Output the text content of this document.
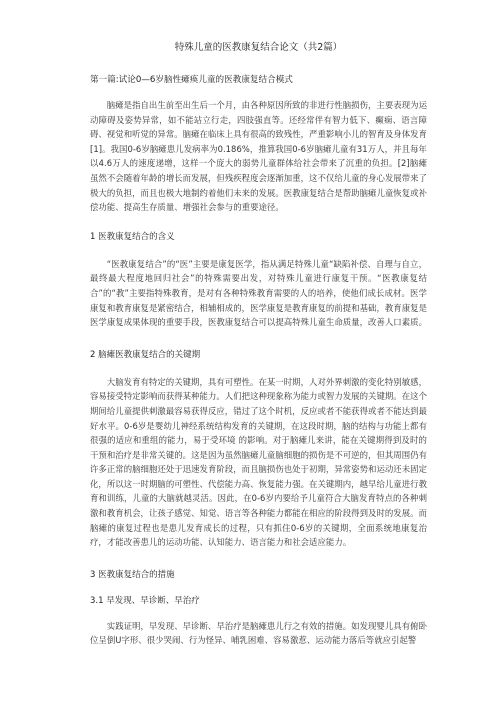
特殊儿童的医教康复结合论文（共2篇）

第一篇:试论0—6岁脑性瘫痪儿童的医教康复结合模式

脑瘫是指自出生前至出生后一个月，由各种原因所致的非进行性脑损伤，主要表现为运动障碍及姿势异常，如不能站立行走，四肢强直等。还经常伴有智力低下、癫痫、语言障碍、视觉和听觉的异常。脑瘫在临床上具有很高的致残性，严重影响小儿的智育及身体发育[1]。我国0-6岁脑瘫患儿发病率为0.186%，推算我国0-6岁脑瘫儿童有31万人，并且每年以4.6万人的速度递增，这样一个庞大的弱势儿童群体给社会带来了沉重的负担。[2]脑瘫虽然不会随着年龄的增长而发展，但残疾程度会逐渐加重，这不仅给儿童的身心发展带来了极大的负担，而且也极大地制约着他们未来的发展。医教康复结合是帮助脑瘫儿童恢复或补偿功能、提高生存质量、增强社会参与的重要途径。

1 医教康复结合的含义

“医教康复结合”的“医”主要是康复医学，指从满足特殊儿童“缺陷补偿、自理与自立，最终最大程度地回归社会”的特殊需要出发，对特殊儿童进行康复干预。“医教康复结合”的“教”主要指特殊教育，是对有各种特殊教育需要的人的培养，使他们成长成材。医学康复和教育康复是紧密结合，相辅相成的，医学康复是教育康复的前提和基础，教育康复是医学康复成果体现的重要手段，医教康复结合可以提高特殊儿童生命质量，改善人口素质。

2 脑瘫医教康复结合的关键期

大脑发育有特定的关键期，具有可塑性。在某一时期，人对外界刺激的变化特别敏感，容易接受特定影响而获得某种能力。人们把这种现象称为能力或智力发展的关键期。在这个期间给儿童提供刺激最容易获得反应，错过了这个时机，反应或者不能获得或者不能达到最好水平。0-6岁是婴幼儿神经系统结构发育的关键期，在这段时期，脑的结构与功能上都有很强的适应和重组的能力，易于受环境 的影响。对于脑瘫儿来讲，能在关键期得到及时的干预和治疗是非常关键的。这是因为虽然脑瘫儿童脑细胞的损伤是不可逆的，但其周围仍有许多正常的脑细胞还处于迅速发育阶段，而且脑损伤也处于初期，异常姿势和运动还未固定化，所以这一时期脑的可塑性、代偿能力高、恢复能力强。在关键期内，越早给儿童进行教育和训练，儿童的大脑就越灵活。因此，在0-6岁内要给予儿童符合大脑发育特点的各种刺激和教育机会，让孩子感觉、知觉、语言等各种能力都能在相应的阶段得到及时的发展。而脑瘫的康复过程也是患儿发育成长的过程，只有抓住0-6岁的关键期，全面系统地康复治疗，才能改善患儿的运动功能、认知能力、语言能力和社会适应能力。

3 医教康复结合的措施

3.1 早发现、早诊断、早治疗

实践证明，早发现、早诊断、早治疗是脑瘫患儿行之有效的措施。如发现婴儿具有俯卧位呈倒U字形、很少哭闹、行为怪异、哺乳困难、容易激惹、运动能力落后等就应引起警
